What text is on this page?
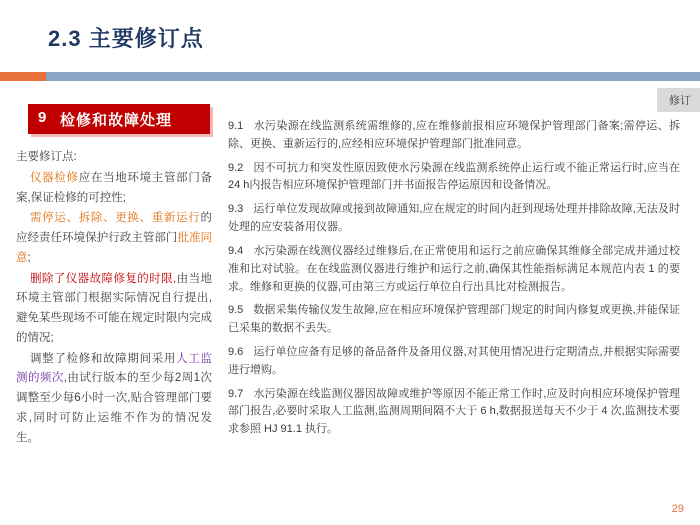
2.3 主要修订点
修订
9 检修和故障处理

主要修订点:

仪器检修应在当地环境主管部门备案,保证检修的可控性;

需停运、拆除、更换、重新运行的应经责任环境保护行政主管部门批准同意;

删除了仪器故障修复的时限,由当地环境主管部门根据实际情况自行提出,避免某些现场不可能在规定时限内完成的情况;

调整了检修和故障期间采用人工监测的频次,由试行版本的至少每2周1次调整至少每6小时一次,贴合管理部门要求,同时可防止运维不作为的情况发生。

9.1 水污染源在线监测系统需维修的,应在维修前报相应环境保护管理部门备案;需停运、拆除、更换、重新运行的,应经相应环境保护管理部门批准同意。
9.2 因不可抗力和突发性原因致使水污染源在线监测系统停止运行或不能正常运行时,应当在24 h内报告相应环境保护管理部门并书面报告停运原因和设备情况。
9.3 运行单位发现故障或接到故障通知,应在规定的时间内赶到现场处理并排除故障,无法及时处理的应安装备用仪器。
9.4 水污染源在线测仪器经过维修后,在正常使用和运行之前应确保其维修全部完成并通过校准和比对试验。在在线监测仪器进行维护和运行之前,确保其性能指标满足本规范内表 1 的要求。维修和更换的仪器,可由第三方或运行单位自行出具比对检测报告。
9.5 数据采集传输仪发生故障,应在相应环境保护管理部门规定的时间内修复或更换,并能保证已采集的数据不丢失。
9.6 运行单位应备有足够的备品备件及备用仪器,对其使用情况进行定期清点,并根据实际需要进行增购。
9.7 水污染源在线监测仪器因故障或维护等原因不能正常工作时,应及时向相应环境保护管理部门报告,必要时采取人工监测,监测周期间隔不大于 6 h,数据报送每天不少于 4 次,监测技术要求参照 HJ 91.1 执行。
29
